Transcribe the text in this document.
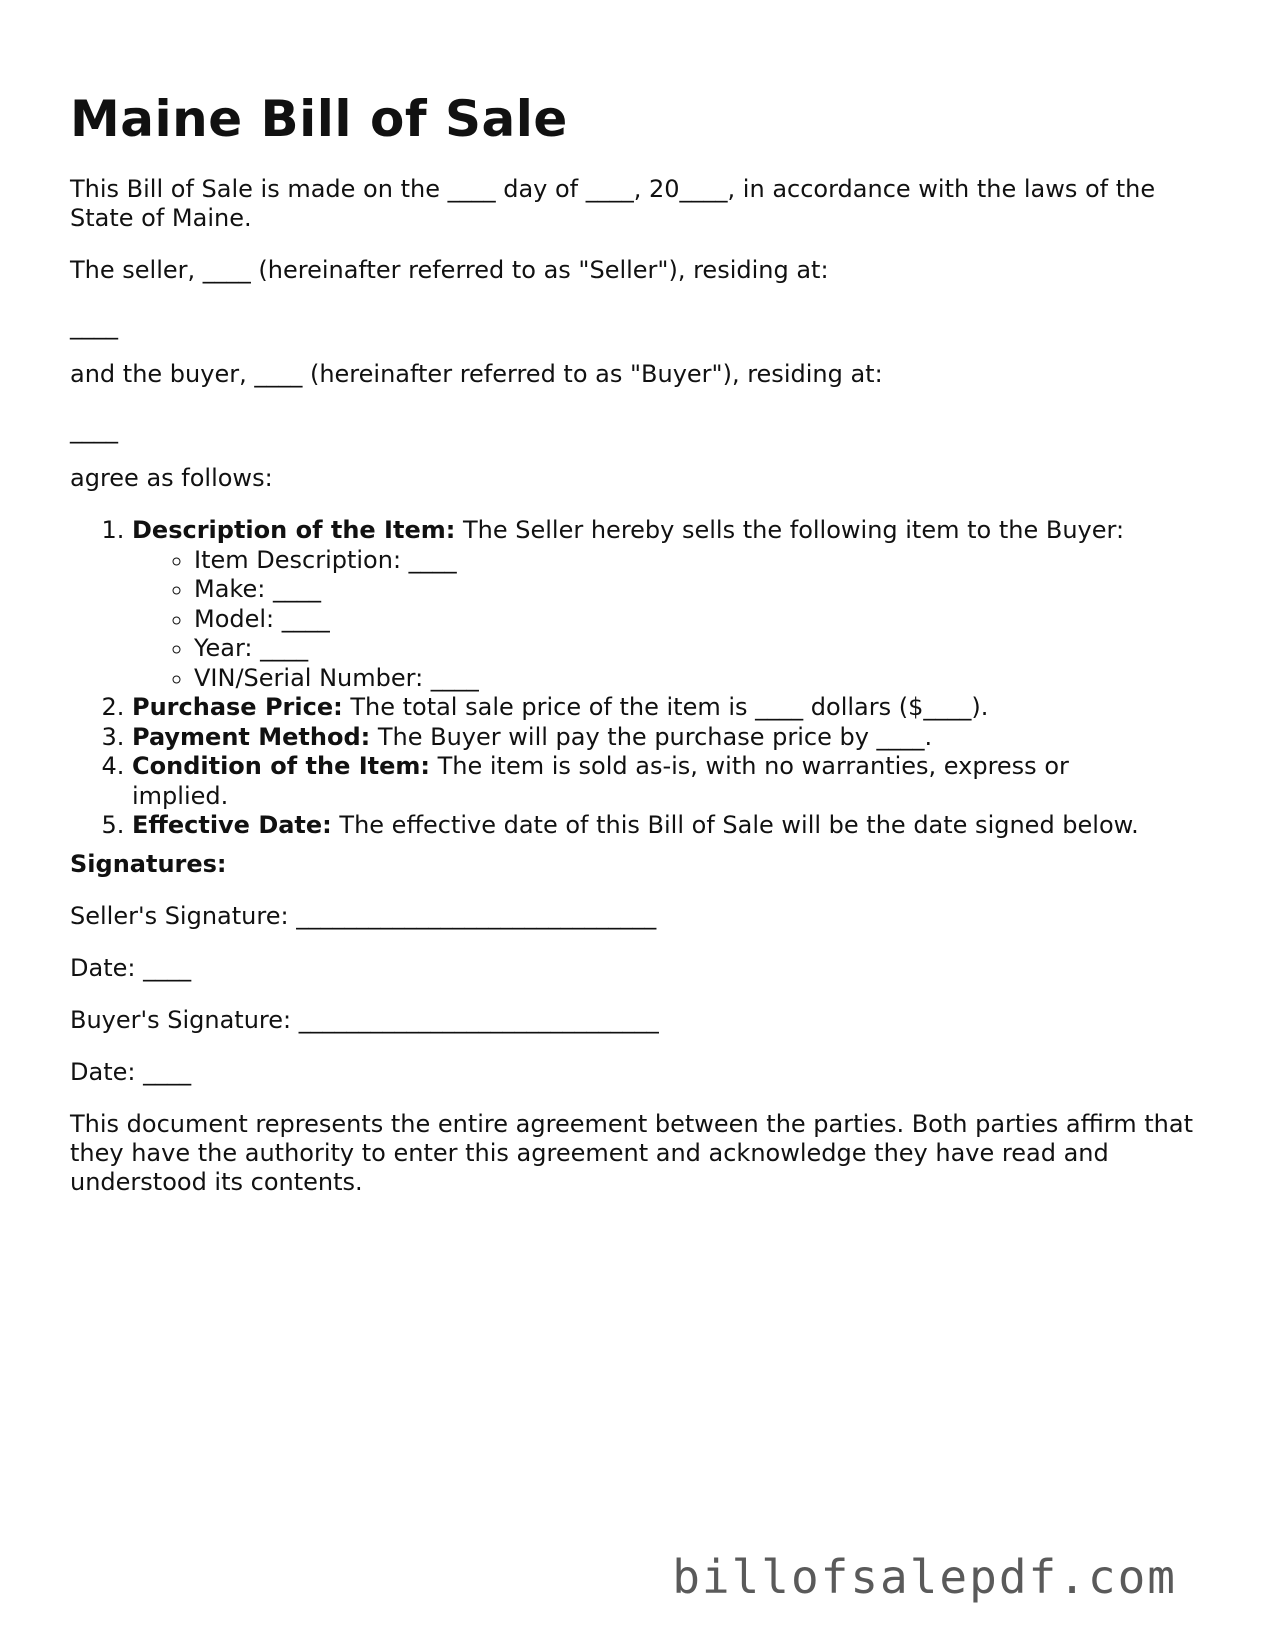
Maine Bill of Sale

This Bill of Sale is made on the ____ day of ____, 20____, in accordance with the laws of the State of Maine.

The seller, ____ (hereinafter referred to as "Seller"), residing at:

____

and the buyer, ____ (hereinafter referred to as "Buyer"), residing at:

____

agree as follows:

1. Description of the Item: The Seller hereby sells the following item to the Buyer:
◦ Item Description: ____
◦ Make: ____
◦ Model: ____
◦ Year: ____
◦ VIN/Serial Number: ____
2. Purchase Price: The total sale price of the item is ____ dollars ($____).
3. Payment Method: The Buyer will pay the purchase price by ____.
4. Condition of the Item: The item is sold as-is, with no warranties, express or implied.
5. Effective Date: The effective date of this Bill of Sale will be the date signed below.

Signatures:

Seller's Signature: ______________________________

Date: ____

Buyer's Signature: ______________________________

Date: ____

This document represents the entire agreement between the parties. Both parties affirm that they have the authority to enter this agreement and acknowledge they have read and understood its contents.

billofsalepdf.com
